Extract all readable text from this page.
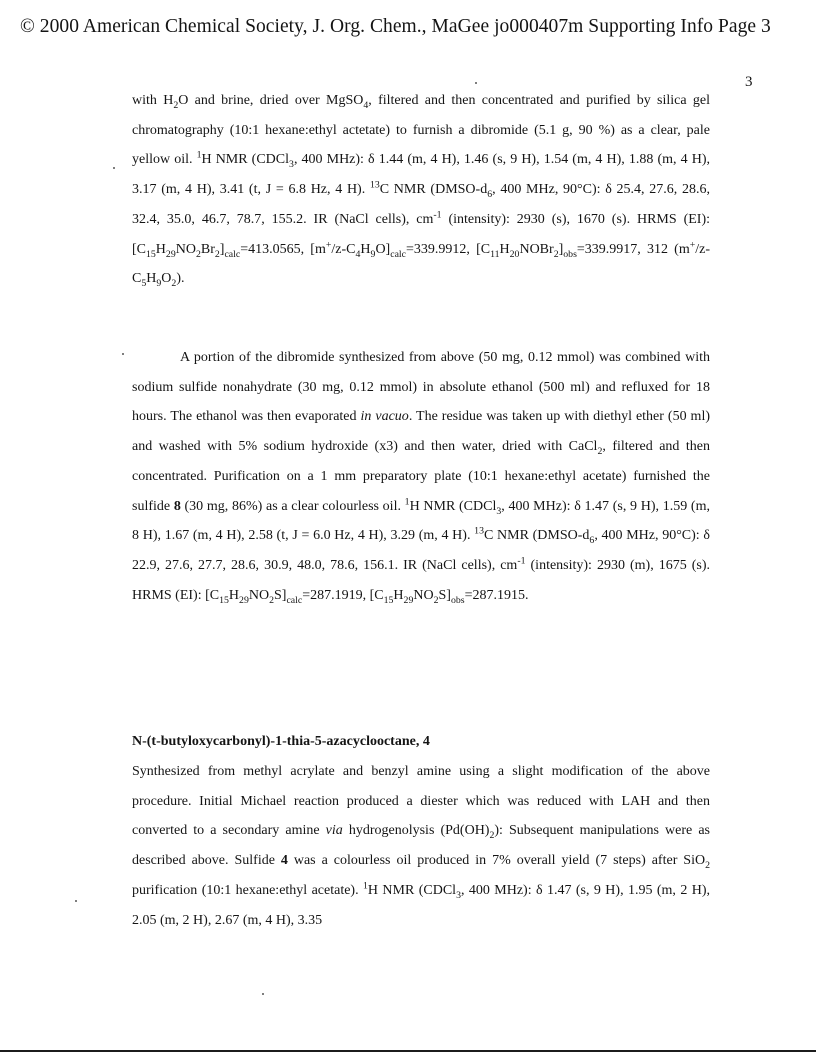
© 2000 American Chemical Society, J. Org. Chem., MaGee jo000407m Supporting Info Page 3
3
with $H_2O$ and brine, dried over MgSO$_4$, filtered and then concentrated and purified by silica gel chromatography (10:1 hexane:ethyl actetate) to furnish a dibromide (5.1 g, 90 %) as a clear, pale yellow oil. $^1$H NMR (CDCl$_3$, 400 MHz): δ 1.44 (m, 4 H), 1.46 (s, 9 H), 1.54 (m, 4 H), 1.88 (m, 4 H), 3.17 (m, 4 H), 3.41 (t, J = 6.8 Hz, 4 H). $^{13}$C NMR ($DMSO-d_6$, 400 MHz, 90°C): δ 25.4, 27.6, 28.6, 32.4, 35.0, 46.7, 78.7, 155.2. IR (NaCl cells), $cm^{-1}$ (intensity): 2930 (s), 1670 (s). HRMS (EI): $[C_{15}H_{29}NO_2Br_2]_{calc}=413.0565$, $[m^+/z-C_4H_9O]_{calc}=339.9912$, $[C_{11}H_{20}NOBr_2]_{obs}=339.9917$, 312 $(m^+/z-C_5H_9O_2)$.
A portion of the dibromide synthesized from above (50 mg, 0.12 mmol) was combined with sodium sulfide nonahydrate (30 mg, 0.12 mmol) in absolute ethanol (500 ml) and refluxed for 18 hours. The ethanol was then evaporated in vacuo. The residue was taken up with diethyl ether (50 ml) and washed with 5% sodium hydroxide (x3) and then water, dried with CaCl$_2$, filtered and then concentrated. Purification on a 1 mm preparatory plate (10:1 hexane:ethyl acetate) furnished the sulfide 8 (30 mg, 86%) as a clear colourless oil. $^1$H NMR (CDCl$_3$, 400 MHz): δ 1.47 (s, 9 H), 1.59 (m, 8 H), 1.67 (m, 4 H), 2.58 (t, J = 6.0 Hz, 4 H), 3.29 (m, 4 H). $^{13}$C NMR ($DMSO-d_6$, 400 MHz, 90°C): δ 22.9, 27.6, 27.7, 28.6, 30.9, 48.0, 78.6, 156.1. IR (NaCl cells), $cm^{-1}$ (intensity): 2930 (m), 1675 (s). HRMS (EI): $[C_{15}H_{29}NO_2S]_{calc}=287.1919$, $[C_{15}H_{29}NO_2S]_{obs}=287.1915$.
N-(t-butyloxycarbonyl)-1-thia-5-azacyclooctane, 4
Synthesized from methyl acrylate and benzyl amine using a slight modification of the above procedure. Initial Michael reaction produced a diester which was reduced with LAH and then converted to a secondary amine via hydrogenolysis $(Pd(OH)_2)$: Subsequent manipulations were as described above. Sulfide 4 was a colourless oil produced in 7% overall yield (7 steps) after SiO$_2$ purification (10:1 hexane:ethyl acetate). $^1$H NMR (CDCl$_3$, 400 MHz): δ 1.47 (s, 9 H), 1.95 (m, 2 H), 2.05 (m, 2 H), 2.67 (m, 4 H), 3.35
